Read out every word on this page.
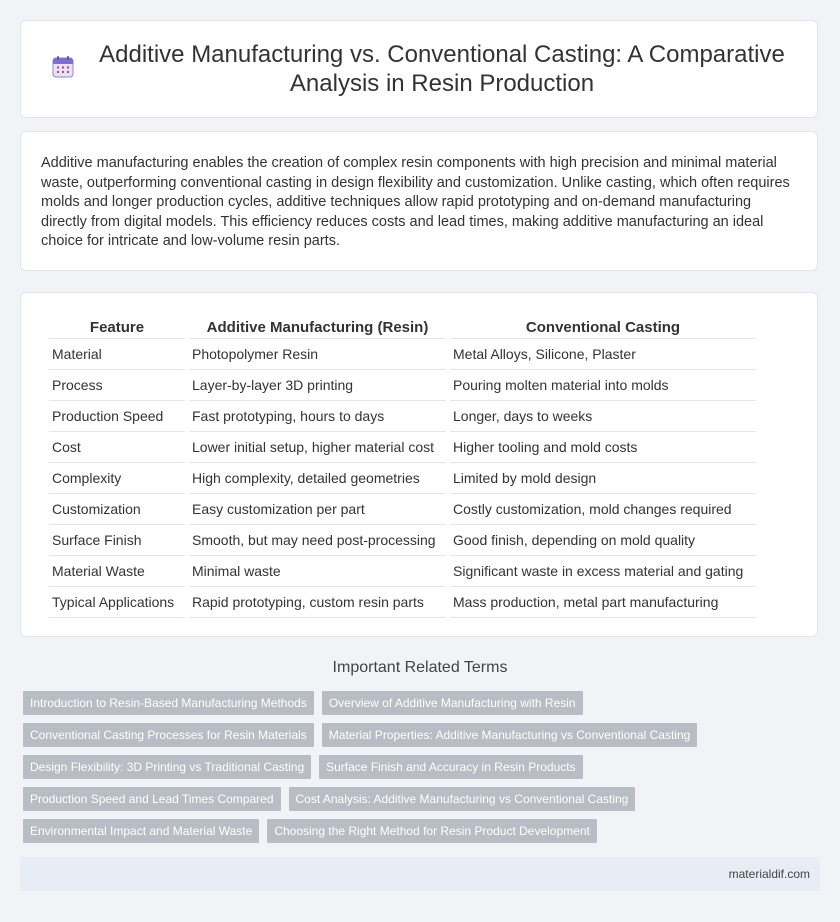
Additive Manufacturing vs. Conventional Casting: A Comparative Analysis in Resin Production

Additive manufacturing enables the creation of complex resin components with high precision and minimal material waste, outperforming conventional casting in design flexibility and customization. Unlike casting, which often requires molds and longer production cycles, additive techniques allow rapid prototyping and on-demand manufacturing directly from digital models. This efficiency reduces costs and lead times, making additive manufacturing an ideal choice for intricate and low-volume resin parts.

Feature	Additive Manufacturing (Resin)	Conventional Casting
Material	Photopolymer Resin	Metal Alloys, Silicone, Plaster
Process	Layer-by-layer 3D printing	Pouring molten material into molds
Production Speed	Fast prototyping, hours to days	Longer, days to weeks
Cost	Lower initial setup, higher material cost	Higher tooling and mold costs
Complexity	High complexity, detailed geometries	Limited by mold design
Customization	Easy customization per part	Costly customization, mold changes required
Surface Finish	Smooth, but may need post-processing	Good finish, depending on mold quality
Material Waste	Minimal waste	Significant waste in excess material and gating
Typical Applications	Rapid prototyping, custom resin parts	Mass production, metal part manufacturing
Important Related Terms
Introduction to Resin-Based Manufacturing Methods	Overview of Additive Manufacturing with Resin
Conventional Casting Processes for Resin Materials	Material Properties: Additive Manufacturing vs Conventional Casting
Design Flexibility: 3D Printing vs Traditional Casting	Surface Finish and Accuracy in Resin Products
Production Speed and Lead Times Compared	Cost Analysis: Additive Manufacturing vs Conventional Casting
Environmental Impact and Material Waste	Choosing the Right Method for Resin Product Development
materialdif.com
